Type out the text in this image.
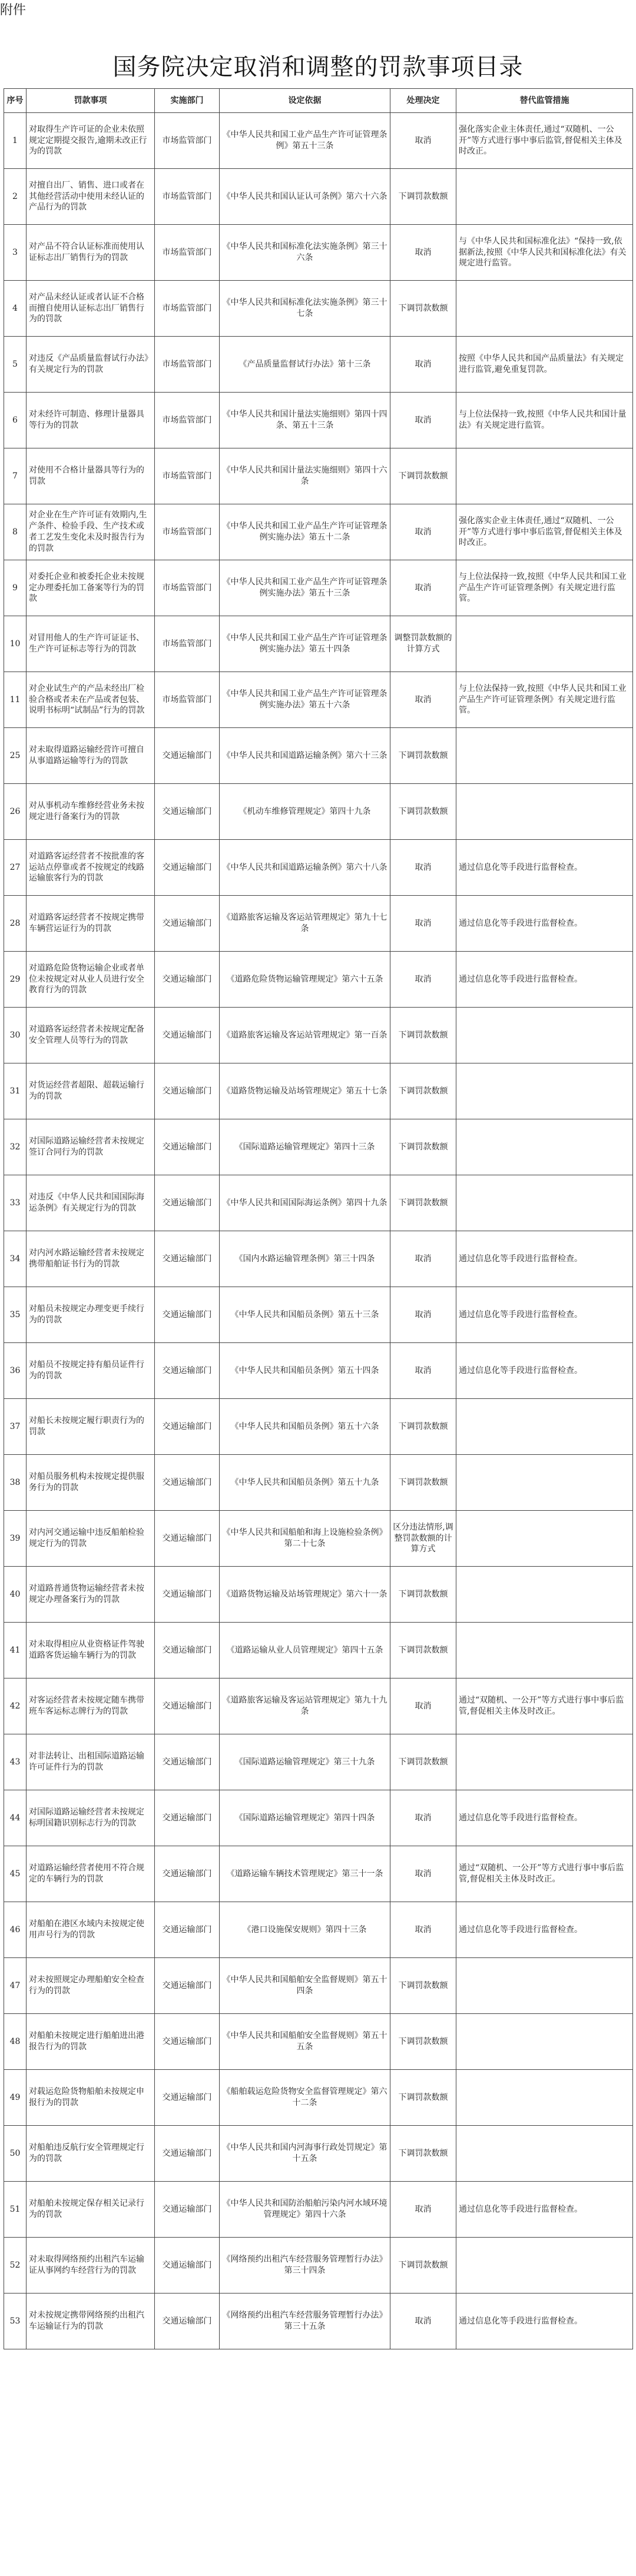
附件
国务院决定取消和调整的罚款事项目录
序号	罚款事项	实施部门	设定依据	处理决定	替代监管措施
1	对取得生产许可证的企业未依照规定定期提交报告,逾期未改正行为的罚款	市场监管部门	《中华人民共和国工业产品生产许可证管理条例》第五十三条	取消	强化落实企业主体责任,通过“双随机、一公开”等方式进行事中事后监管,督促相关主体及时改正。
2	对擅自出厂、销售、进口或者在其他经营活动中使用未经认证的产品行为的罚款	市场监管部门	《中华人民共和国认证认可条例》第六十六条	下调罚款数额	
3	对产品不符合认证标准而使用认证标志出厂销售行为的罚款	市场监管部门	《中华人民共和国标准化法实施条例》第三十六条	取消	与《中华人民共和国标准化法》“保持一致,依据新法,按照《中华人民共和国标准化法》有关规定进行监管。
4	对产品未经认证或者认证不合格而擅自使用认证标志出厂销售行为的罚款	市场监管部门	《中华人民共和国标准化法实施条例》第三十七条	下调罚款数额	
5	对违反《产品质量监督试行办法》有关规定行为的罚款	市场监管部门	《产品质量监督试行办法》第十三条	取消	按照《中华人民共和国产品质量法》有关规定进行监管,避免重复罚款。
6	对未经许可制造、修理计量器具等行为的罚款	市场监管部门	《中华人民共和国计量法实施细则》第四十四条、第五十三条	取消	与上位法保持一致,按照《中华人民共和国计量法》有关规定进行监管。
7	对使用不合格计量器具等行为的罚款	市场监管部门	《中华人民共和国计量法实施细则》第四十六条	下调罚款数额	
8	对企业在生产许可证有效期内,生产条件、检验手段、生产技术或者工艺发生变化未及时报告行为的罚款	市场监管部门	《中华人民共和国工业产品生产许可证管理条例实施办法》第五十二条	取消	强化落实企业主体责任,通过“双随机、一公开”等方式进行事中事后监管,督促相关主体及时改正。
9	对委托企业和被委托企业未按规定办理委托加工备案等行为的罚款	市场监管部门	《中华人民共和国工业产品生产许可证管理条例实施办法》第五十三条	取消	与上位法保持一致,按照《中华人民共和国工业产品生产许可证管理条例》有关规定进行监管。
10	对冒用他人的生产许可证证书、生产许可证标志等行为的罚款	市场监管部门	《中华人民共和国工业产品生产许可证管理条例实施办法》第五十四条	调整罚款数额的计算方式	
11	对企业试生产的产品未经出厂检验合格或者未在产品或者包装、说明书标明“试制品”行为的罚款	市场监管部门	《中华人民共和国工业产品生产许可证管理条例实施办法》第五十六条	取消	与上位法保持一致,按照《中华人民共和国工业产品生产许可证管理条例》有关规定进行监管。
25	对未取得道路运输经营许可擅自从事道路运输等行为的罚款	交通运输部门	《中华人民共和国道路运输条例》第六十三条	下调罚款数额	
26	对从事机动车维修经营业务未按规定进行备案行为的罚款	交通运输部门	《机动车维修管理规定》第四十九条	下调罚款数额	
27	对道路客运经营者不按批准的客运站点停靠或者不按规定的线路运输旅客行为的罚款	交通运输部门	《中华人民共和国道路运输条例》第六十八条	取消	通过信息化等手段进行监督检查。
28	对道路客运经营者不按规定携带车辆营运证行为的罚款	交通运输部门	《道路旅客运输及客运站管理规定》第九十七条	取消	通过信息化等手段进行监督检查。
29	对道路危险货物运输企业或者单位未按规定对从业人员进行安全教育行为的罚款	交通运输部门	《道路危险货物运输管理规定》第六十五条	取消	通过信息化等手段进行监督检查。
30	对道路客运经营者未按规定配备安全管理人员等行为的罚款	交通运输部门	《道路旅客运输及客运站管理规定》第一百条	下调罚款数额	
31	对货运经营者超限、超载运输行为的罚款	交通运输部门	《道路货物运输及站场管理规定》第五十七条	下调罚款数额	
32	对国际道路运输经营者未按规定签订合同行为的罚款	交通运输部门	《国际道路运输管理规定》第四十三条	下调罚款数额	
33	对违反《中华人民共和国国际海运条例》有关规定行为的罚款	交通运输部门	《中华人民共和国国际海运条例》第四十九条	下调罚款数额	
34	对内河水路运输经营者未按规定携带船舶证书行为的罚款	交通运输部门	《国内水路运输管理条例》第三十四条	取消	通过信息化等手段进行监督检查。
35	对船员未按规定办理变更手续行为的罚款	交通运输部门	《中华人民共和国船员条例》第五十三条	取消	通过信息化等手段进行监督检查。
36	对船员不按规定持有船员证件行为的罚款	交通运输部门	《中华人民共和国船员条例》第五十四条	取消	通过信息化等手段进行监督检查。
37	对船长未按规定履行职责行为的罚款	交通运输部门	《中华人民共和国船员条例》第五十六条	下调罚款数额	
38	对船员服务机构未按规定提供服务行为的罚款	交通运输部门	《中华人民共和国船员条例》第五十九条	下调罚款数额	
39	对内河交通运输中违反船舶检验规定行为的罚款	交通运输部门	《中华人民共和国船舶和海上设施检验条例》第二十七条	区分违法情形,调整罚款数额的计算方式	
40	对道路普通货物运输经营者未按规定办理备案行为的罚款	交通运输部门	《道路货物运输及站场管理规定》第六十一条	下调罚款数额	
41	对未取得相应从业资格证件驾驶道路客货运输车辆行为的罚款	交通运输部门	《道路运输从业人员管理规定》第四十五条	下调罚款数额	
42	对客运经营者未按规定随车携带班车客运标志牌行为的罚款	交通运输部门	《道路旅客运输及客运站管理规定》第九十九条	取消	通过“双随机、一公开”等方式进行事中事后监管,督促相关主体及时改正。
43	对非法转让、出租国际道路运输许可证件行为的罚款	交通运输部门	《国际道路运输管理规定》第三十九条	下调罚款数额	
44	对国际道路运输经营者未按规定标明国籍识别标志行为的罚款	交通运输部门	《国际道路运输管理规定》第四十四条	取消	通过信息化等手段进行监督检查。
45	对道路运输经营者使用不符合规定的车辆行为的罚款	交通运输部门	《道路运输车辆技术管理规定》第三十一条	取消	通过“双随机、一公开”等方式进行事中事后监管,督促相关主体及时改正。
46	对船舶在港区水域内未按规定使用声号行为的罚款	交通运输部门	《港口设施保安规则》第四十三条	取消	通过信息化等手段进行监督检查。
47	对未按照规定办理船舶安全检查行为的罚款	交通运输部门	《中华人民共和国船舶安全监督规则》第五十四条	下调罚款数额	
48	对船舶未按规定进行船舶进出港报告行为的罚款	交通运输部门	《中华人民共和国船舶安全监督规则》第五十五条	下调罚款数额	
49	对载运危险货物船舶未按规定申报行为的罚款	交通运输部门	《船舶载运危险货物安全监督管理规定》第六十二条	下调罚款数额	
50	对船舶违反航行安全管理规定行为的罚款	交通运输部门	《中华人民共和国内河海事行政处罚规定》第十五条	下调罚款数额	
51	对船舶未按规定保存相关记录行为的罚款	交通运输部门	《中华人民共和国防治船舶污染内河水域环境管理规定》第四十六条	取消	通过信息化等手段进行监督检查。
52	对未取得网络预约出租汽车运输证从事网约车经营行为的罚款	交通运输部门	《网络预约出租汽车经营服务管理暂行办法》第三十四条	下调罚款数额	
53	对未按规定携带网络预约出租汽车运输证行为的罚款	交通运输部门	《网络预约出租汽车经营服务管理暂行办法》第三十五条	取消	通过信息化等手段进行监督检查。
